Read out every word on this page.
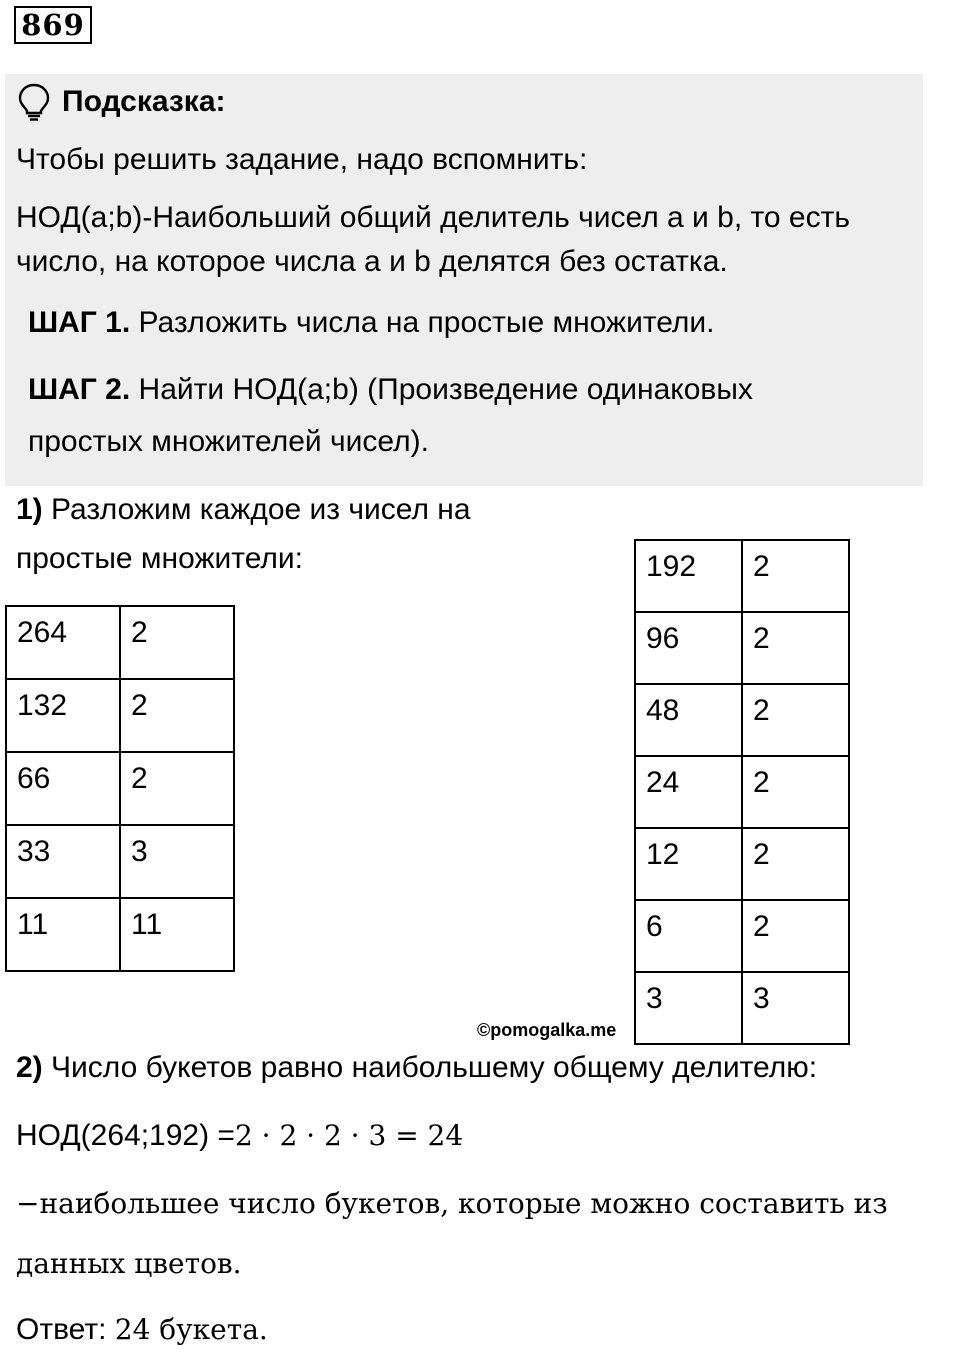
869
Подсказка:
Чтобы решить задание, надо вспомнить:
НОД(a;b)-Наибольший общий делитель чисел a и b, то есть
число, на которое числа a и b делятся без остатка.
ШАГ 1. Разложить числа на простые множители.
ШАГ 2. Найти НОД(a;b) (Произведение одинаковых
простых множителей чисел).
1) Разложим каждое из чисел на
простые множители:
264	2
132	2
66	2
33	3
11	11
192	2
96	2
48	2
24	2
12	2
6	2
3	3
©pomogalka.me
2) Число букетов равно наибольшему общему делителю:
НОД(264;192) =2 · 2 · 2 · 3 = 24
−наибольшее число букетов, которые можно составить из
данных цветов.
Ответ: 24 букета.
